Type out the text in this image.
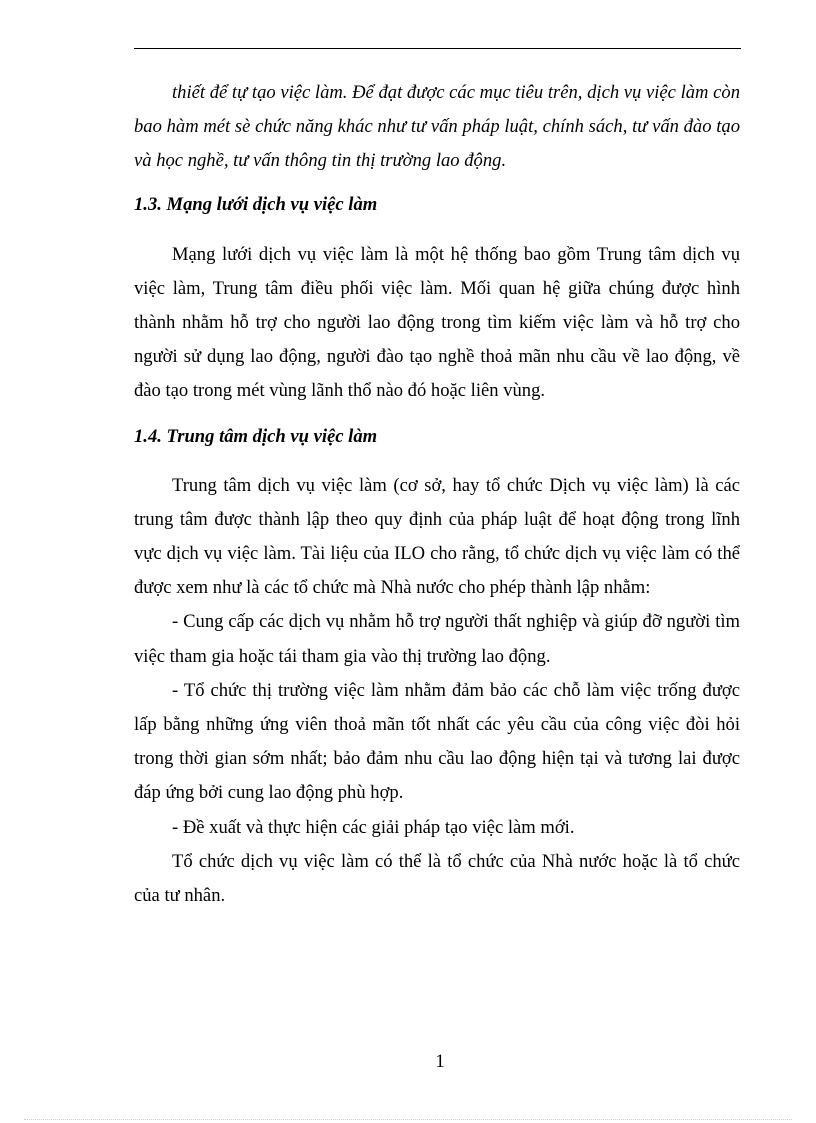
thiết để tự tạo việc làm. Để đạt được các mục tiêu trên, dịch vụ việc làm còn bao hàm mét sè chức năng khác như tư vấn pháp luật, chính sách, tư vấn đào tạo và học nghề, tư vấn thông tin thị trường lao động.

1.3. Mạng lưới dịch vụ việc làm

Mạng lưới dịch vụ việc làm là một hệ thống bao gồm Trung tâm dịch vụ việc làm, Trung tâm điều phối việc làm. Mối quan hệ giữa chúng được hình thành nhằm hỗ trợ cho người lao động trong tìm kiếm việc làm và hỗ trợ cho người sử dụng lao động, người đào tạo nghề thoả mãn nhu cầu về lao động, về đào tạo trong mét vùng lãnh thổ nào đó hoặc liên vùng.

1.4. Trung tâm dịch vụ việc làm

Trung tâm dịch vụ việc làm (cơ sở, hay tổ chức Dịch vụ việc làm) là các trung tâm được thành lập theo quy định của pháp luật để hoạt động trong lĩnh vực dịch vụ việc làm. Tài liệu của ILO cho rằng, tổ chức dịch vụ việc làm có thể được xem như là các tổ chức mà Nhà nước cho phép thành lập nhằm:

- Cung cấp các dịch vụ nhằm hỗ trợ người thất nghiệp và giúp đỡ người tìm việc tham gia hoặc tái tham gia vào thị trường lao động.

- Tổ chức thị trường việc làm nhằm đảm bảo các chỗ làm việc trống được lấp bằng những ứng viên thoả mãn tốt nhất các yêu cầu của công việc đòi hỏi trong thời gian sớm nhất; bảo đảm nhu cầu lao động hiện tại và tương lai được đáp ứng bởi cung lao động phù hợp.

- Đề xuất và thực hiện các giải pháp tạo việc làm mới.

Tổ chức dịch vụ việc làm có thể là tổ chức của Nhà nước hoặc là tổ chức của tư nhân.

1
